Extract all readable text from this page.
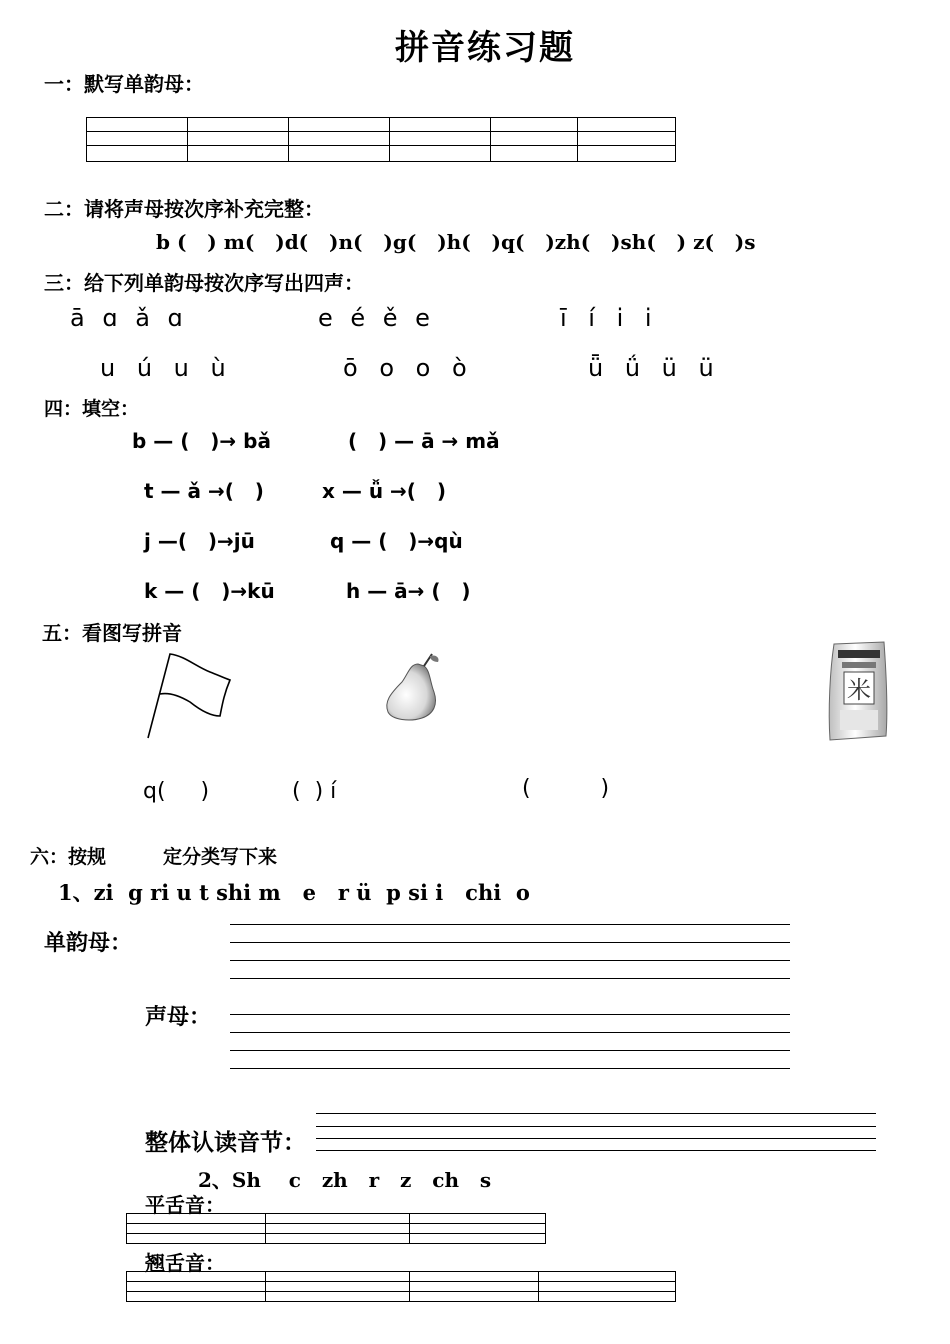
拼音练习题
一：默写单韵母：

二：请将声母按次序补充完整：
b (   ) m(   )d(   )n(   )g(   )h(   )q(   )zh(   )sh(   ) z(   )s
三：给下列单韵母按次序写出四声：
ā ɑ ǎ ɑ	e é ě e	ī í i i
u ú u ù	ō o o ò	ǖ ǘ ü ü
四：填空：
b — (   )→ bǎ	(   ) — ā → mǎ
t — ǎ →(   )	x — ǚ →(   )
j —(   )→jū	q — (   )→qù
k — (   )→kū	h — ā→ (   )
五：看图写拼音
米
q(     )	(  ) í	(          )
六：按规　　　定分类写下来
1、zi  g ri u t shi m   e   r ü  p si i   chi  o
单韵母：
声母：
整体认读音节：
2、Sh    c   zh   r   z   ch   s
平舌音：

翘舌音：
